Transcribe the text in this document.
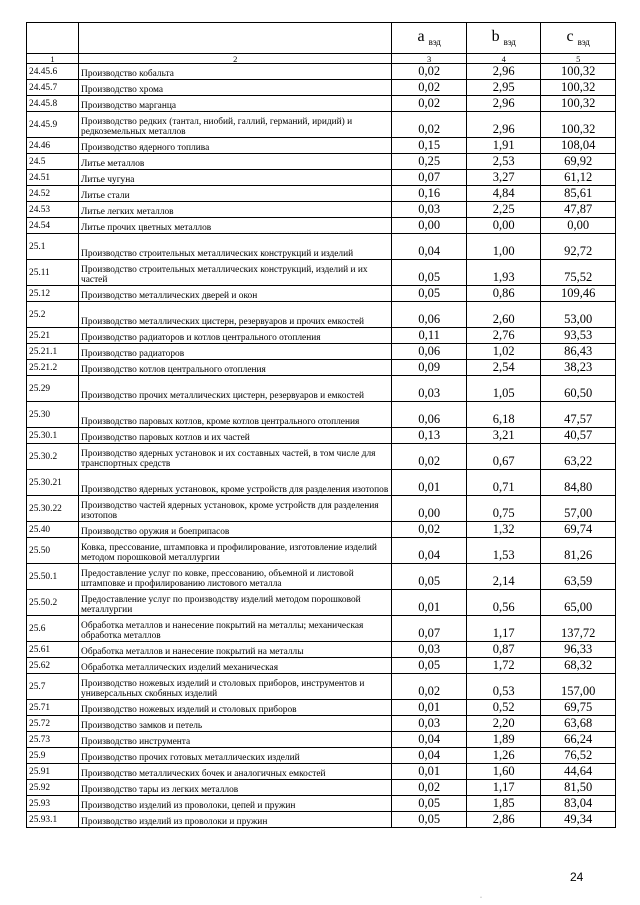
		a $_{вэд}$	b $_{вэд}$	c $_{вэд}$
1	2	3	4	5
24.45.6	Производство кобальта	0,02	2,96	100,32
24.45.7	Производство хрома	0,02	2,95	100,32
24.45.8	Производство марганца	0,02	2,96	100,32
24.45.9	Производство редких (тантал, ниобий, галлий, германий, иридий) и редкоземельных металлов	0,02	2,96	100,32
24.46	Производство ядерного топлива	0,15	1,91	108,04
24.5	Литье металлов	0,25	2,53	69,92
24.51	Литье чугуна	0,07	3,27	61,12
24.52	Литье стали	0,16	4,84	85,61
24.53	Литье легких металлов	0,03	2,25	47,87
24.54	Литье прочих цветных металлов	0,00	0,00	0,00
25.1	Производство строительных металлических конструкций и изделий	0,04	1,00	92,72
25.11	Производство строительных металлических конструкций, изделий и их частей	0,05	1,93	75,52
25.12	Производство металлических дверей и окон	0,05	0,86	109,46
25.2	Производство металлических цистерн, резервуаров и прочих емкостей	0,06	2,60	53,00
25.21	Производство радиаторов и котлов центрального отопления	0,11	2,76	93,53
25.21.1	Производство радиаторов	0,06	1,02	86,43
25.21.2	Производство котлов центрального отопления	0,09	2,54	38,23
25.29	Производство прочих металлических цистерн, резервуаров и емкостей	0,03	1,05	60,50
25.30	Производство паровых котлов, кроме котлов центрального отопления	0,06	6,18	47,57
25.30.1	Производство паровых котлов и их частей	0,13	3,21	40,57
25.30.2	Производство ядерных установок и их составных частей, в том числе для транспортных средств	0,02	0,67	63,22
25.30.21	Производство ядерных установок, кроме устройств для разделения изотопов	0,01	0,71	84,80
25.30.22	Производство частей ядерных установок, кроме устройств для разделения изотопов	0,00	0,75	57,00
25.40	Производство оружия и боеприпасов	0,02	1,32	69,74
25.50	Ковка, прессование, штамповка и профилирование, изготовление изделий методом порошковой металлургии	0,04	1,53	81,26
25.50.1	Предоставление услуг по ковке, прессованию, объемной и листовой штамповке и профилированию листового металла	0,05	2,14	63,59
25.50.2	Предоставление услуг по производству изделий методом порошковой металлургии	0,01	0,56	65,00
25.6	Обработка металлов и нанесение покрытий на металлы; механическая обработка металлов	0,07	1,17	137,72
25.61	Обработка металлов и нанесение покрытий на металлы	0,03	0,87	96,33
25.62	Обработка металлических изделий механическая	0,05	1,72	68,32
25.7	Производство ножевых изделий и столовых приборов, инструментов и универсальных скобяных изделий	0,02	0,53	157,00
25.71	Производство ножевых изделий и столовых приборов	0,01	0,52	69,75
25.72	Производство замков и петель	0,03	2,20	63,68
25.73	Производство инструмента	0,04	1,89	66,24
25.9	Производство прочих готовых металлических изделий	0,04	1,26	76,52
25.91	Производство металлических бочек и аналогичных емкостей	0,01	1,60	44,64
25.92	Производство тары из легких металлов	0,02	1,17	81,50
25.93	Производство изделий из проволоки, цепей и пружин	0,05	1,85	83,04
25.93.1	Производство изделий из проволоки и пружин	0,05	2,86	49,34
24
·
